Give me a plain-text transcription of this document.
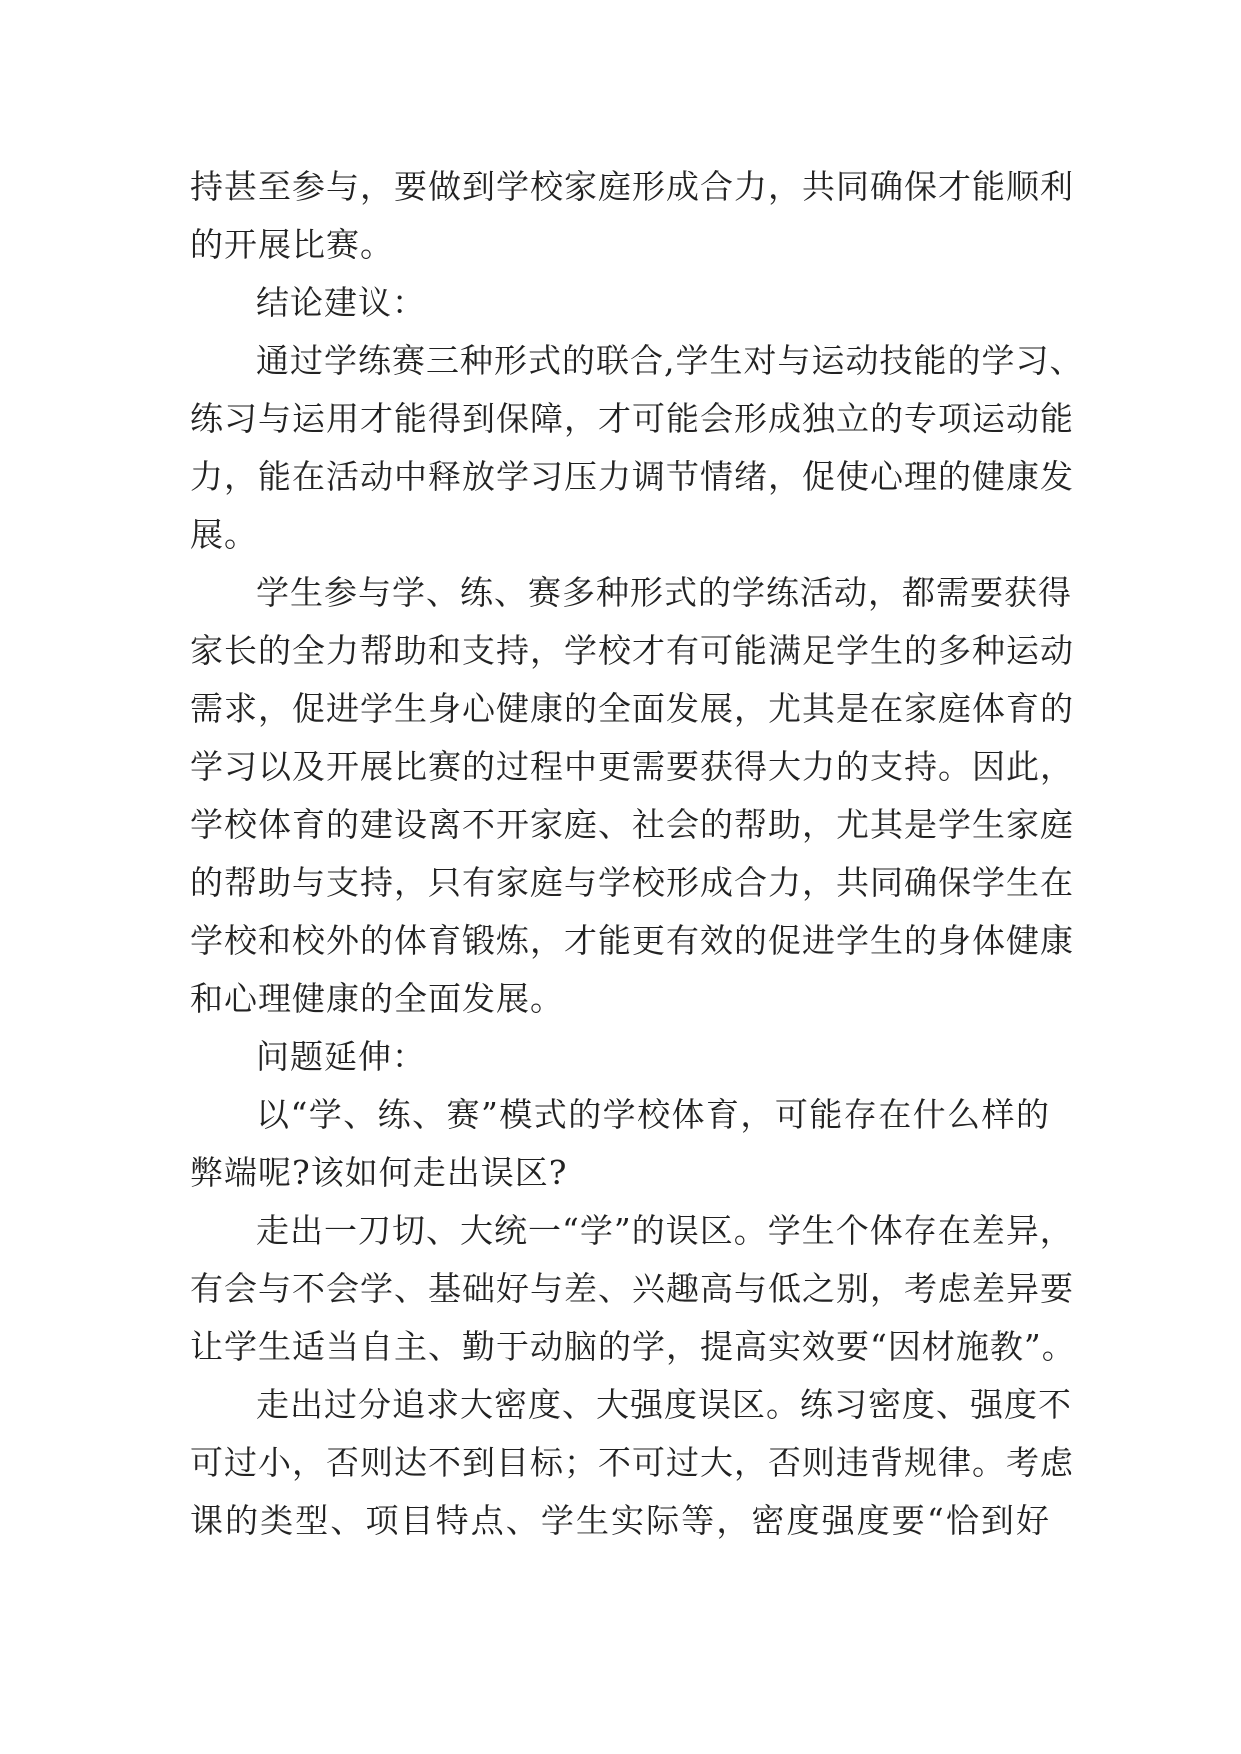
持甚至参与，要做到学校家庭形成合力，共同确保才能顺利
的开展比赛。
结论建议：
通过学练赛三种形式的联合,学生对与运动技能的学习、
练习与运用才能得到保障，才可能会形成独立的专项运动能
力，能在活动中释放学习压力调节情绪，促使心理的健康发
展。
学生参与学、练、赛多种形式的学练活动，都需要获得
家长的全力帮助和支持，学校才有可能满足学生的多种运动
需求，促进学生身心健康的全面发展，尤其是在家庭体育的
学习以及开展比赛的过程中更需要获得大力的支持。因此，
学校体育的建设离不开家庭、社会的帮助，尤其是学生家庭
的帮助与支持，只有家庭与学校形成合力，共同确保学生在
学校和校外的体育锻炼，才能更有效的促进学生的身体健康
和心理健康的全面发展。
问题延伸：
以“学、练、赛”模式的学校体育，可能存在什么样的
弊端呢?该如何走出误区?
走出一刀切、大统一“学”的误区。学生个体存在差异，
有会与不会学、基础好与差、兴趣高与低之别，考虑差异要
让学生适当自主、勤于动脑的学，提高实效要“因材施教”。
走出过分追求大密度、大强度误区。练习密度、强度不
可过小，否则达不到目标；不可过大，否则违背规律。考虑
课的类型、项目特点、学生实际等，密度强度要“恰到好
